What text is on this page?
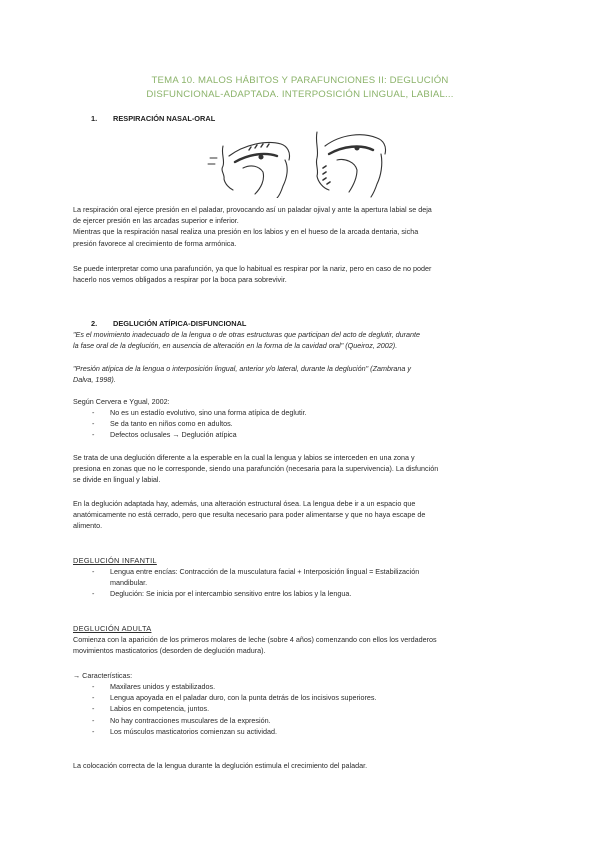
TEMA 10. MALOS HÁBITOS Y PARAFUNCIONES II: DEGLUCIÓN
DISFUNCIONAL-ADAPTADA. INTERPOSICIÓN LINGUAL, LABIAL...
1. RESPIRACIÓN NASAL-ORAL
La respiración oral ejerce presión en el paladar, provocando así un paladar ojival y ante la apertura labial se deja
de ejercer presión en las arcadas superior e inferior.
Mientras que la respiración nasal realiza una presión en los labios y en el hueso de la arcada dentaria, sicha
presión favorece al crecimiento de forma armónica.
Se puede interpretar como una parafunción, ya que lo habitual es respirar por la nariz, pero en caso de no poder
hacerlo nos vemos obligados a respirar por la boca para sobrevivir.
2. DEGLUCIÓN ATÍPICA-DISFUNCIONAL
"Es el movimiento inadecuado de la lengua o de otras estructuras que participan del acto de deglutir, durante
la fase oral de la deglución, en ausencia de alteración en la forma de la cavidad oral" (Queiroz, 2002).
"Presión atípica de la lengua o interposición lingual, anterior y/o lateral, durante la deglución" (Zambrana y
Dalva, 1998).
Según Cervera e Ygual, 2002:
- No es un estadío evolutivo, sino una forma atípica de deglutir.
- Se da tanto en niños como en adultos.
- Defectos oclusales → Deglución atípica
Se trata de una deglución diferente a la esperable en la cual la lengua y labios se interceden en una zona y
presiona en zonas que no le corresponde, siendo una parafunción (necesaria para la supervivencia). La disfunción
se divide en lingual y labial.
En la deglución adaptada hay, además, una alteración estructural ósea. La lengua debe ir a un espacio que
anatómicamente no está cerrado, pero que resulta necesario para poder alimentarse y que no haya escape de
alimento.
DEGLUCIÓN INFANTIL
- Lengua entre encías: Contracción de la musculatura facial + Interposición lingual = Estabilización
mandibular.
- Deglución: Se inicia por el intercambio sensitivo entre los labios y la lengua.
DEGLUCIÓN ADULTA
Comienza con la aparición de los primeros molares de leche (sobre 4 años) comenzando con ellos los verdaderos
movimientos masticatorios (desorden de deglución madura).
→ Características:
- Maxilares unidos y estabilizados.
- Lengua apoyada en el paladar duro, con la punta detrás de los incisivos superiores.
- Labios en competencia, juntos.
- No hay contracciones musculares de la expresión.
- Los músculos masticatorios comienzan su actividad.
La colocación correcta de la lengua durante la deglución estimula el crecimiento del paladar.
